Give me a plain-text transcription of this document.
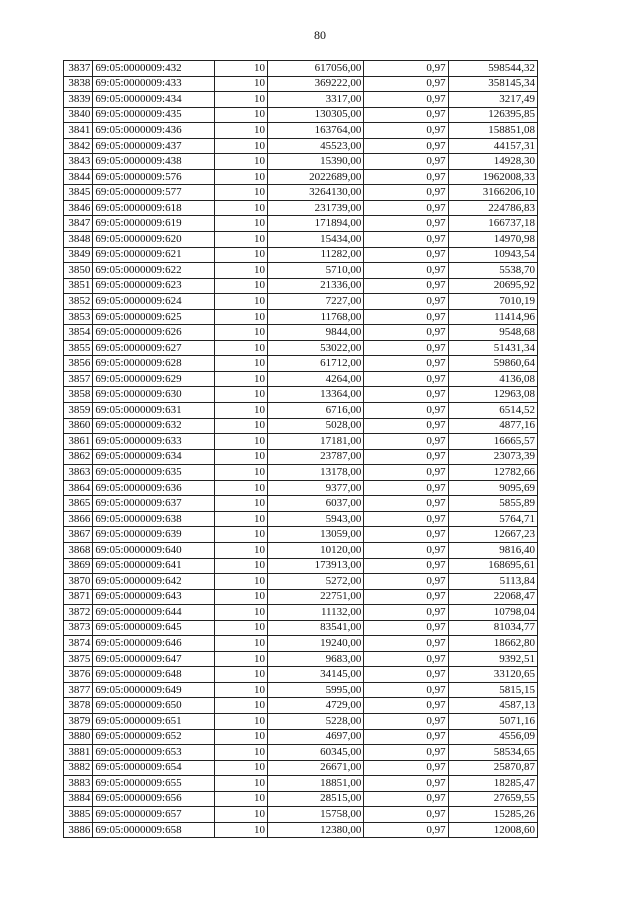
80
3837	69:05:0000009:432	10	617056,00	0,97	598544,32
3838	69:05:0000009:433	10	369222,00	0,97	358145,34
3839	69:05:0000009:434	10	3317,00	0,97	3217,49
3840	69:05:0000009:435	10	130305,00	0,97	126395,85
3841	69:05:0000009:436	10	163764,00	0,97	158851,08
3842	69:05:0000009:437	10	45523,00	0,97	44157,31
3843	69:05:0000009:438	10	15390,00	0,97	14928,30
3844	69:05:0000009:576	10	2022689,00	0,97	1962008,33
3845	69:05:0000009:577	10	3264130,00	0,97	3166206,10
3846	69:05:0000009:618	10	231739,00	0,97	224786,83
3847	69:05:0000009:619	10	171894,00	0,97	166737,18
3848	69:05:0000009:620	10	15434,00	0,97	14970,98
3849	69:05:0000009:621	10	11282,00	0,97	10943,54
3850	69:05:0000009:622	10	5710,00	0,97	5538,70
3851	69:05:0000009:623	10	21336,00	0,97	20695,92
3852	69:05:0000009:624	10	7227,00	0,97	7010,19
3853	69:05:0000009:625	10	11768,00	0,97	11414,96
3854	69:05:0000009:626	10	9844,00	0,97	9548,68
3855	69:05:0000009:627	10	53022,00	0,97	51431,34
3856	69:05:0000009:628	10	61712,00	0,97	59860,64
3857	69:05:0000009:629	10	4264,00	0,97	4136,08
3858	69:05:0000009:630	10	13364,00	0,97	12963,08
3859	69:05:0000009:631	10	6716,00	0,97	6514,52
3860	69:05:0000009:632	10	5028,00	0,97	4877,16
3861	69:05:0000009:633	10	17181,00	0,97	16665,57
3862	69:05:0000009:634	10	23787,00	0,97	23073,39
3863	69:05:0000009:635	10	13178,00	0,97	12782,66
3864	69:05:0000009:636	10	9377,00	0,97	9095,69
3865	69:05:0000009:637	10	6037,00	0,97	5855,89
3866	69:05:0000009:638	10	5943,00	0,97	5764,71
3867	69:05:0000009:639	10	13059,00	0,97	12667,23
3868	69:05:0000009:640	10	10120,00	0,97	9816,40
3869	69:05:0000009:641	10	173913,00	0,97	168695,61
3870	69:05:0000009:642	10	5272,00	0,97	5113,84
3871	69:05:0000009:643	10	22751,00	0,97	22068,47
3872	69:05:0000009:644	10	11132,00	0,97	10798,04
3873	69:05:0000009:645	10	83541,00	0,97	81034,77
3874	69:05:0000009:646	10	19240,00	0,97	18662,80
3875	69:05:0000009:647	10	9683,00	0,97	9392,51
3876	69:05:0000009:648	10	34145,00	0,97	33120,65
3877	69:05:0000009:649	10	5995,00	0,97	5815,15
3878	69:05:0000009:650	10	4729,00	0,97	4587,13
3879	69:05:0000009:651	10	5228,00	0,97	5071,16
3880	69:05:0000009:652	10	4697,00	0,97	4556,09
3881	69:05:0000009:653	10	60345,00	0,97	58534,65
3882	69:05:0000009:654	10	26671,00	0,97	25870,87
3883	69:05:0000009:655	10	18851,00	0,97	18285,47
3884	69:05:0000009:656	10	28515,00	0,97	27659,55
3885	69:05:0000009:657	10	15758,00	0,97	15285,26
3886	69:05:0000009:658	10	12380,00	0,97	12008,60
